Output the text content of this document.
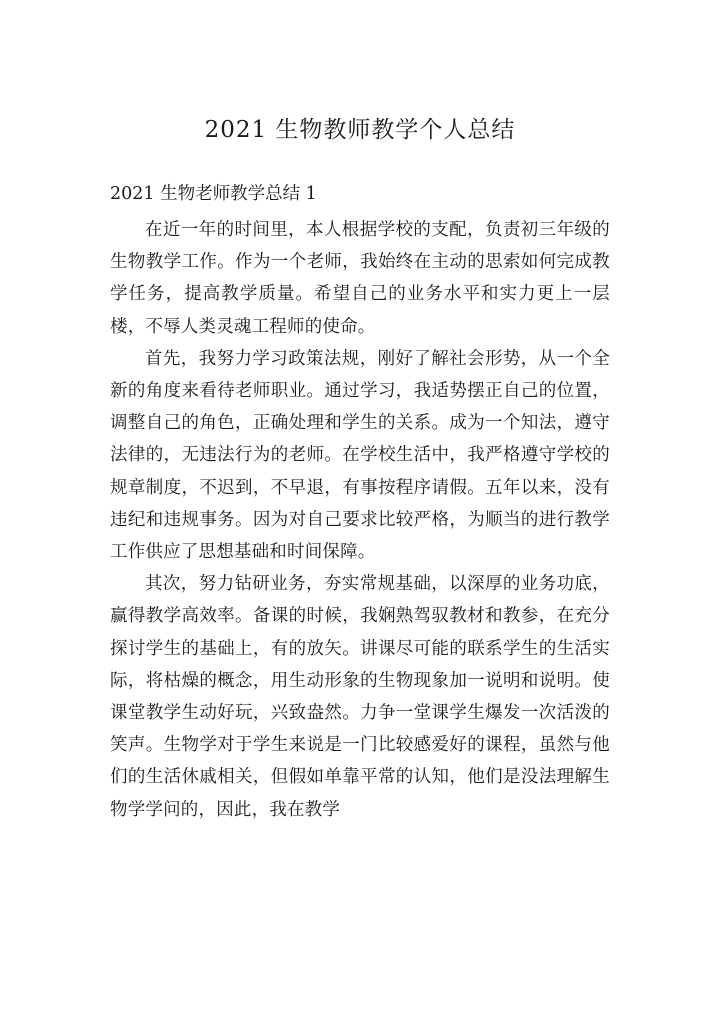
2021 生物教师教学个人总结
2021 生物老师教学总结 1

在近一年的时间里，本人根据学校的支配，负责初三年级的生物教学工作。作为一个老师，我始终在主动的思索如何完成教学任务，提高教学质量。希望自己的业务水平和实力更上一层楼，不辱人类灵魂工程师的使命。

首先，我努力学习政策法规，刚好了解社会形势，从一个全新的角度来看待老师职业。通过学习，我适势摆正自己的位置，调整自己的角色，正确处理和学生的关系。成为一个知法，遵守法律的，无违法行为的老师。在学校生活中，我严格遵守学校的规章制度，不迟到，不早退，有事按程序请假。五年以来，没有违纪和违规事务。因为对自己要求比较严格，为顺当的进行教学工作供应了思想基础和时间保障。

其次，努力钻研业务，夯实常规基础，以深厚的业务功底，赢得教学高效率。备课的时候，我娴熟驾驭教材和教参，在充分探讨学生的基础上，有的放矢。讲课尽可能的联系学生的生活实际，将枯燥的概念，用生动形象的生物现象加一说明和说明。使课堂教学生动好玩，兴致盎然。力争一堂课学生爆发一次活泼的笑声。生物学对于学生来说是一门比较感爱好的课程，虽然与他们的生活休戚相关，但假如单靠平常的认知，他们是没法理解生物学学问的，因此，我在教学
